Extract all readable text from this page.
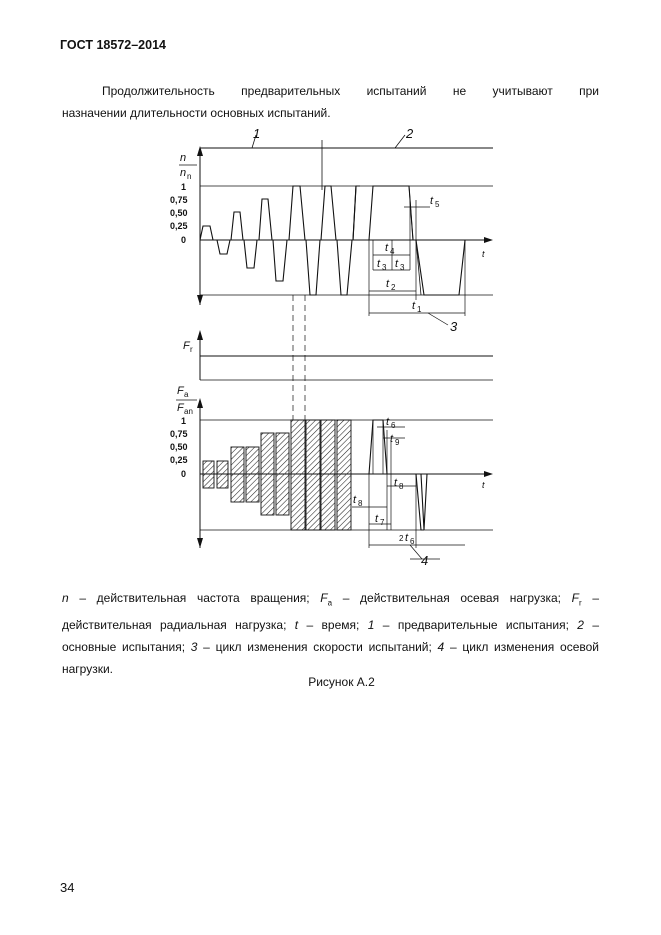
ГОСТ 18572–2014
Продолжительность предварительных испытаний не учитывают при
назначении длительности основных испытаний.
1	2
n
n n
1
0,75
0,50
0,25
0
t
t 5
t 4
t 3 t 3
t 2
t 1
3
F r
F a
F an
1
0,75
0,50
0,25
0
t
t 6
t 9
t 8
t 8
t 7
2 t 6
4
n – действительная частота вращения; $F_a$ – действительная осевая нагрузка; $F_r$ – действительная радиальная нагрузка; t – время; 1 – предварительные испытания; 2 – основные испытания; 3 – цикл изменения скорости испытаний; 4 – цикл изменения осевой нагрузки.
Рисунок А.2
34
